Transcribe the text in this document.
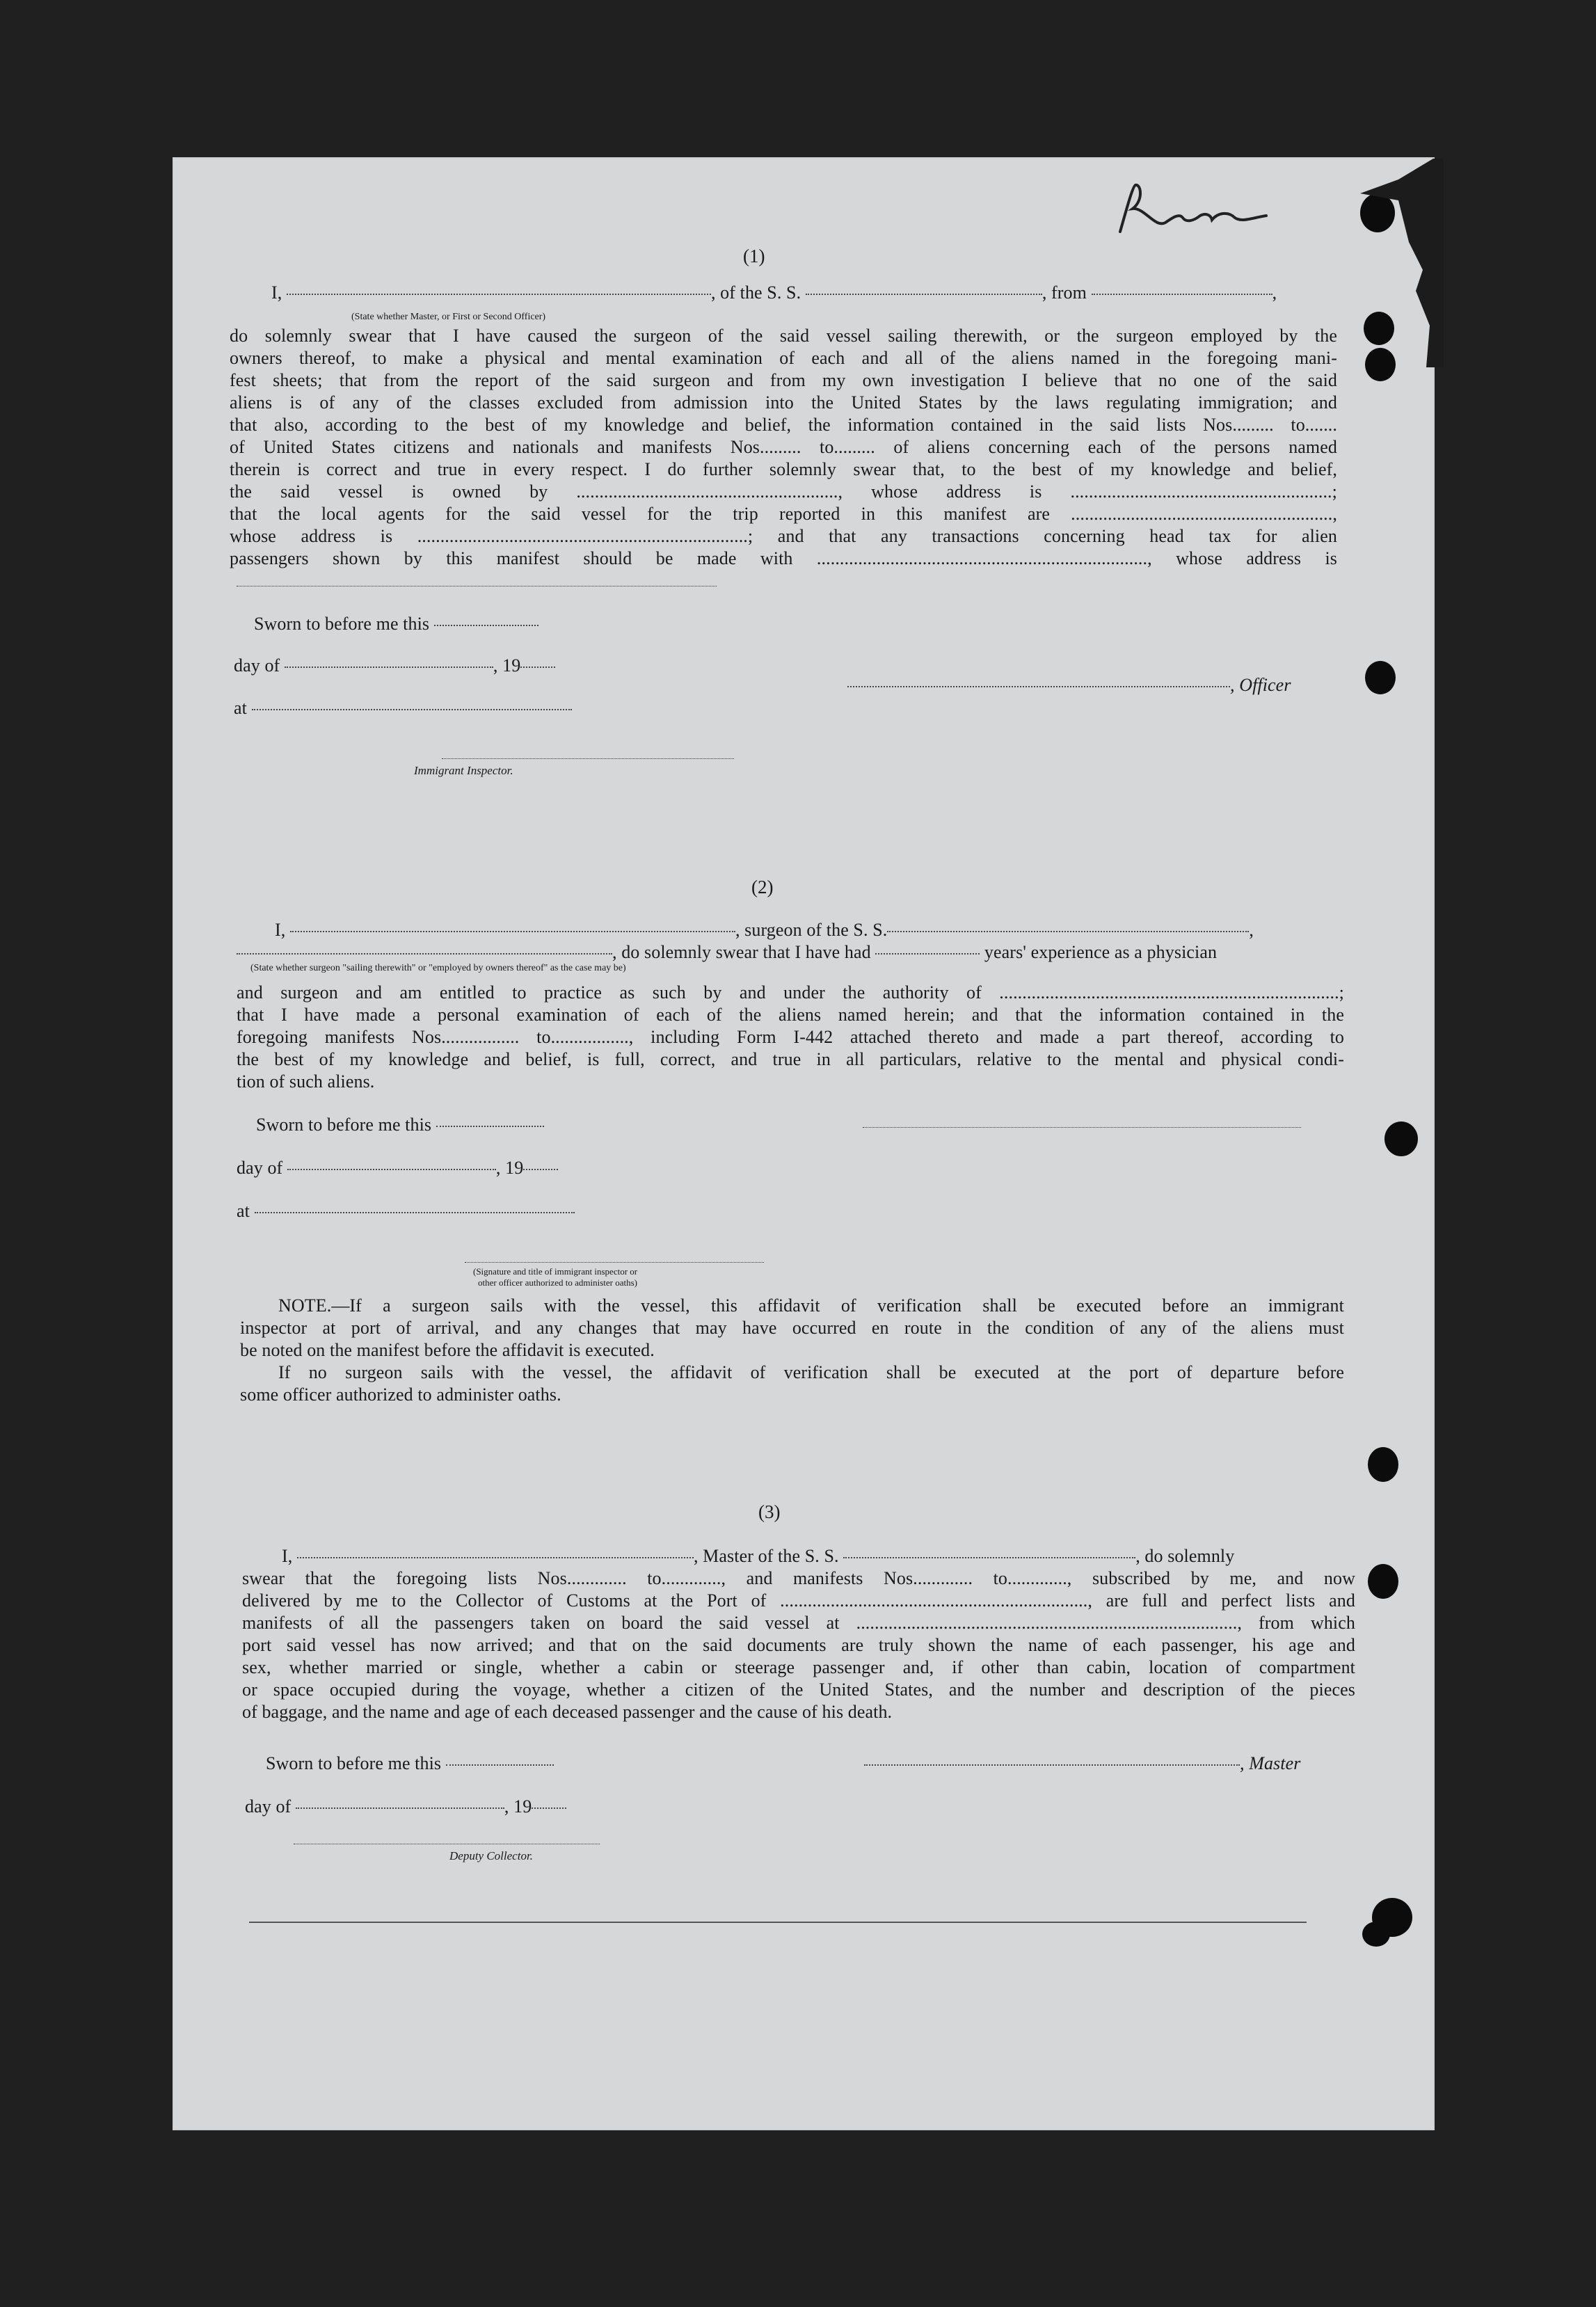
(1)
I,	, of the S. S.	, from	,
(State whether Master, or First or Second Officer)
do solemnly swear that I have caused the surgeon of the said vessel sailing therewith, or the surgeon employed by the
owners thereof, to make a physical and mental examination of each and all of the aliens named in the foregoing mani-
fest sheets; that from the report of the said surgeon and from my own investigation I believe that no one of the said
aliens is of any of the classes excluded from admission into the United States by the laws regulating immigration; and
that also, according to the best of my knowledge and belief, the information contained in the said lists Nos......... to.......
of United States citizens and nationals and manifests Nos......... to......... of aliens concerning each of the persons named
therein is correct and true in every respect. I do further solemnly swear that, to the best of my knowledge and belief,
the said vessel is owned by ........................................................., whose address is .........................................................;
that the local agents for the said vessel for the trip reported in this manifest are .........................................................,
whose address is ........................................................................; and that any transactions concerning head tax for alien
passengers shown by this manifest should be made with ........................................................................, whose address is
Sworn to before me this
day of	, 19
at
Immigrant Inspector.
, Officer
(2)
I,	, surgeon of the S. S.	,
, do solemnly swear that I have had	years' experience as a physician
(State whether surgeon "sailing therewith" or "employed by owners thereof" as the case may be)
and surgeon and am entitled to practice as such by and under the authority of ..........................................................................;
that I have made a personal examination of each of the aliens named herein; and that the information contained in the
foregoing manifests Nos................. to................., including Form I-442 attached thereto and made a part thereof, according to
the best of my knowledge and belief, is full, correct, and true in all particulars, relative to the mental and physical condi-
tion of such aliens.
Sworn to before me this
day of	, 19
at
(Signature and title of immigrant inspector or
other officer authorized to administer oaths)
NOTE.—If a surgeon sails with the vessel, this affidavit of verification shall be executed before an immigrant
inspector at port of arrival, and any changes that may have occurred en route in the condition of any of the aliens must
be noted on the manifest before the affidavit is executed.
If no surgeon sails with the vessel, the affidavit of verification shall be executed at the port of departure before
some officer authorized to administer oaths.
(3)
I,	, Master of the S. S.	, do solemnly
swear that the foregoing lists Nos............. to............., and manifests Nos............. to............., subscribed by me, and now
delivered by me to the Collector of Customs at the Port of ..................................................................., are full and perfect lists and
manifests of all the passengers taken on board the said vessel at ..................................................................................., from which
port said vessel has now arrived; and that on the said documents are truly shown the name of each passenger, his age and
sex, whether married or single, whether a cabin or steerage passenger and, if other than cabin, location of compartment
or space occupied during the voyage, whether a citizen of the United States, and the number and description of the pieces
of baggage, and the name and age of each deceased passenger and the cause of his death.
Sworn to before me this	, Master
day of	, 19
Deputy Collector.
Reen
